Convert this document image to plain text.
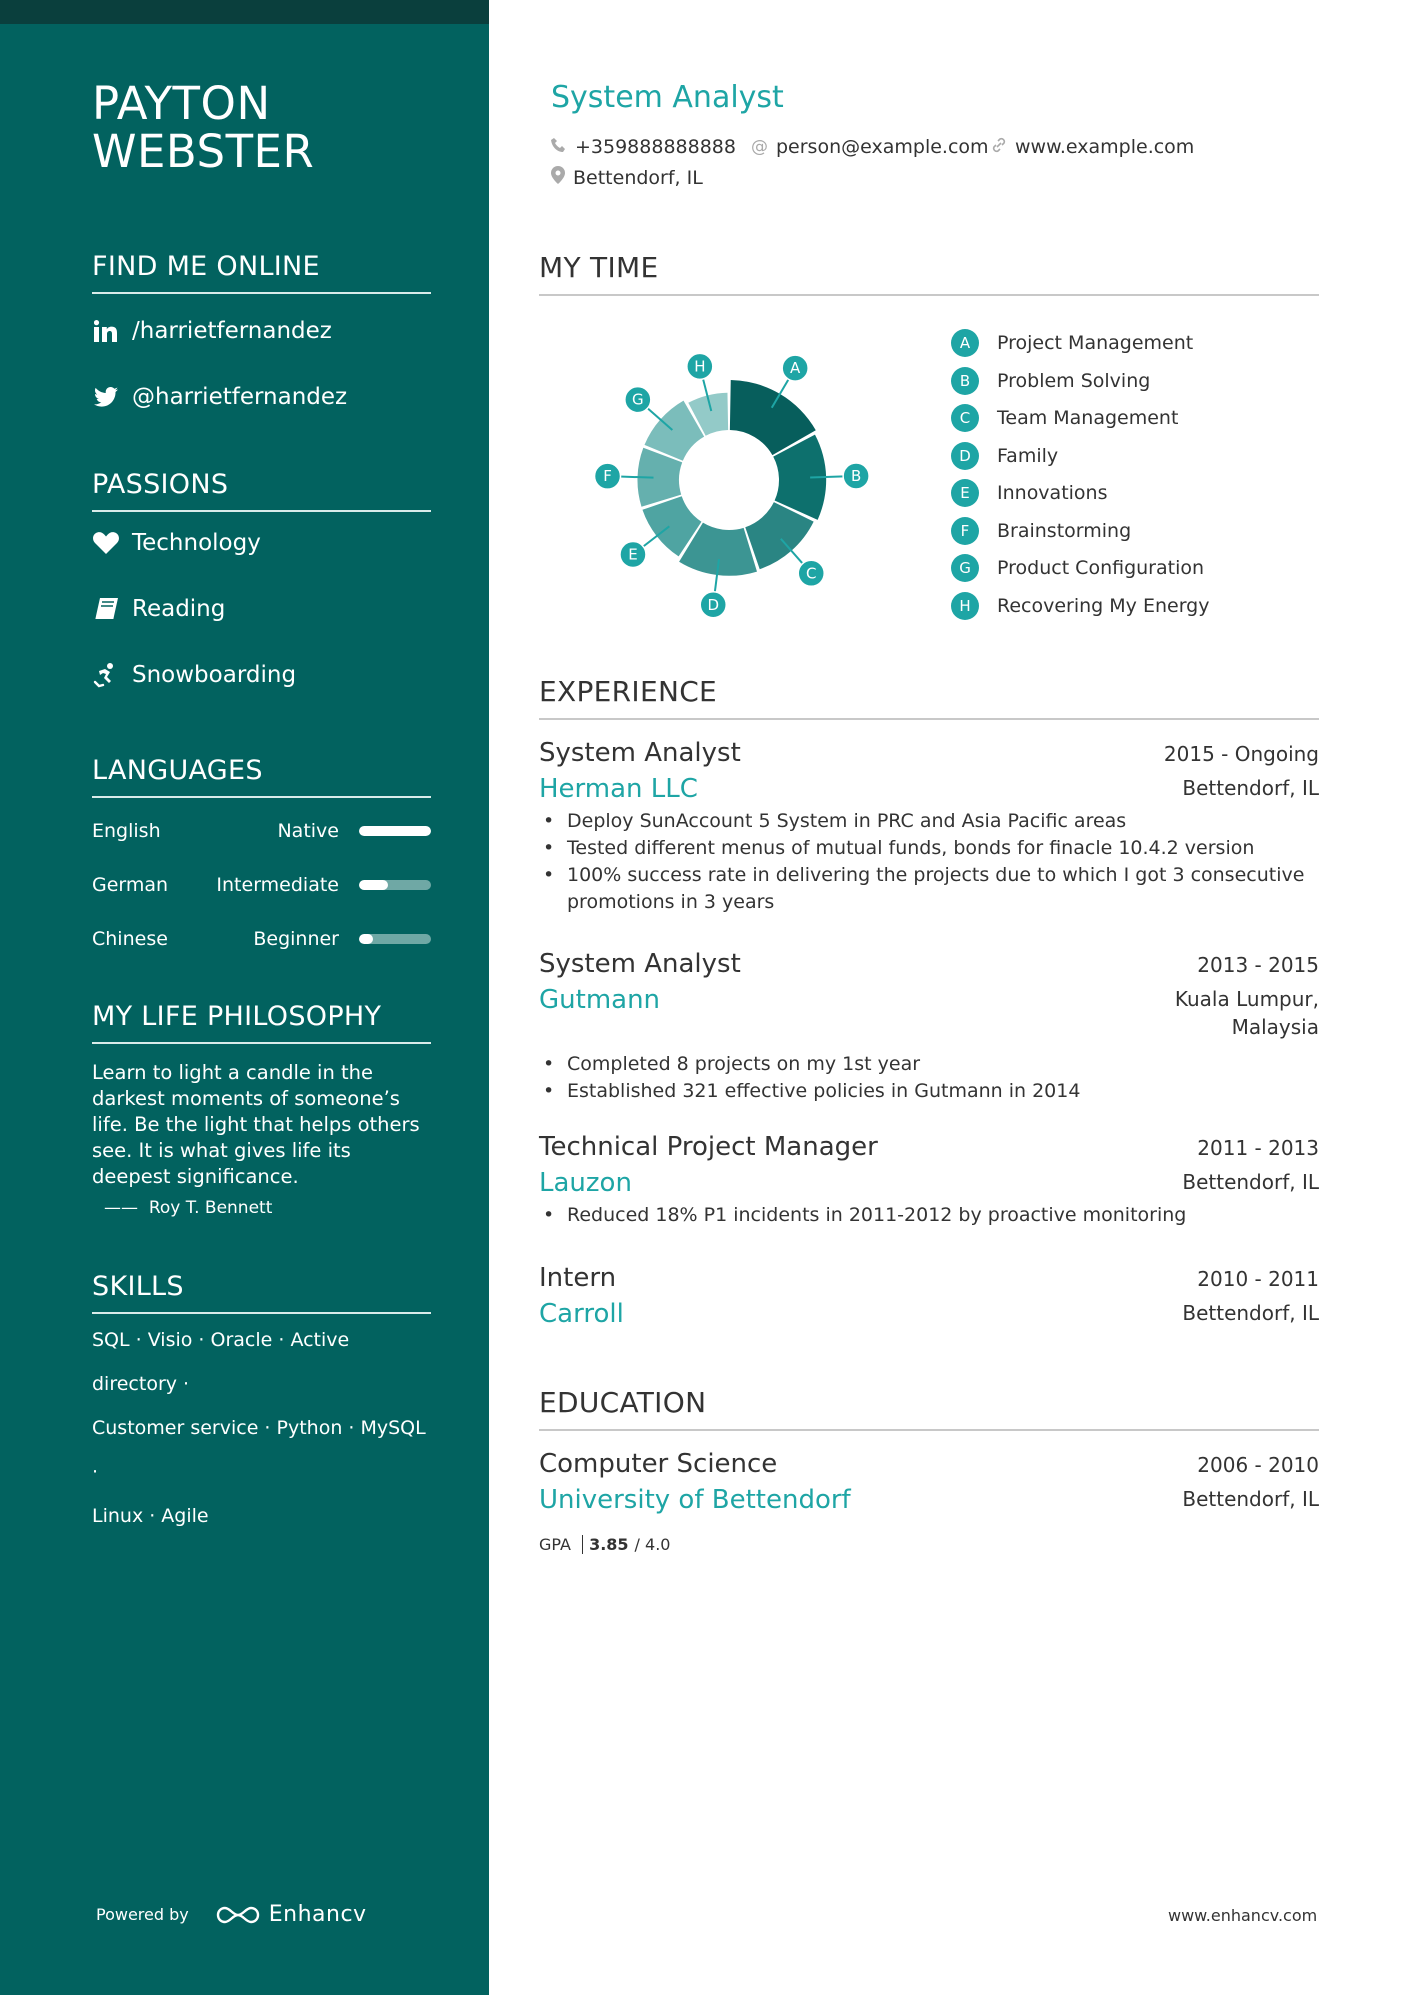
PAYTON
WEBSTER
FIND ME ONLINE
/harrietfernandez
@harrietfernandez
PASSIONS
Technology
Reading
Snowboarding
LANGUAGES
English	Native
German	Intermediate
Chinese	Beginner
MY LIFE PHILOSOPHY
Learn to light a candle in the darkest moments of someone’s life. Be the light that helps others see. It is what gives life its deepest significance.
——  Roy T. Bennett
SKILLS
SQL · Visio · Oracle · Active directory ·
Customer service · Python · MySQL ·
Linux · Agile
Powered by	Enhancv
System Analyst
+359888888888 @ person@example.com www.example.com
Bettendorf, IL
MY TIME
A
B
C
D
E
F
G
H
A	Project Management
B	Problem Solving
C	Team Management
D	Family
E	Innovations
F	Brainstorming
G	Product Configuration
H	Recovering My Energy
EXPERIENCE
System Analyst	2015 - Ongoing
Herman LLC	Bettendorf, IL
• Deploy SunAccount 5 System in PRC and Asia Pacific areas
• Tested different menus of mutual funds, bonds for finacle 10.4.2 version
• 100% success rate in delivering the projects due to which I got 3 consecutive promotions in 3 years
System Analyst	2013 - 2015
Gutmann	Kuala Lumpur, Malaysia
• Completed 8 projects on my 1st year
• Established 321 effective policies in Gutmann in 2014
Technical Project Manager	2011 - 2013
Lauzon	Bettendorf, IL
• Reduced 18% P1 incidents in 2011-2012 by proactive monitoring
Intern	2010 - 2011
Carroll	Bettendorf, IL
EDUCATION
Computer Science	2006 - 2010
University of Bettendorf	Bettendorf, IL
GPA 3.85 / 4.0
www.enhancv.com
